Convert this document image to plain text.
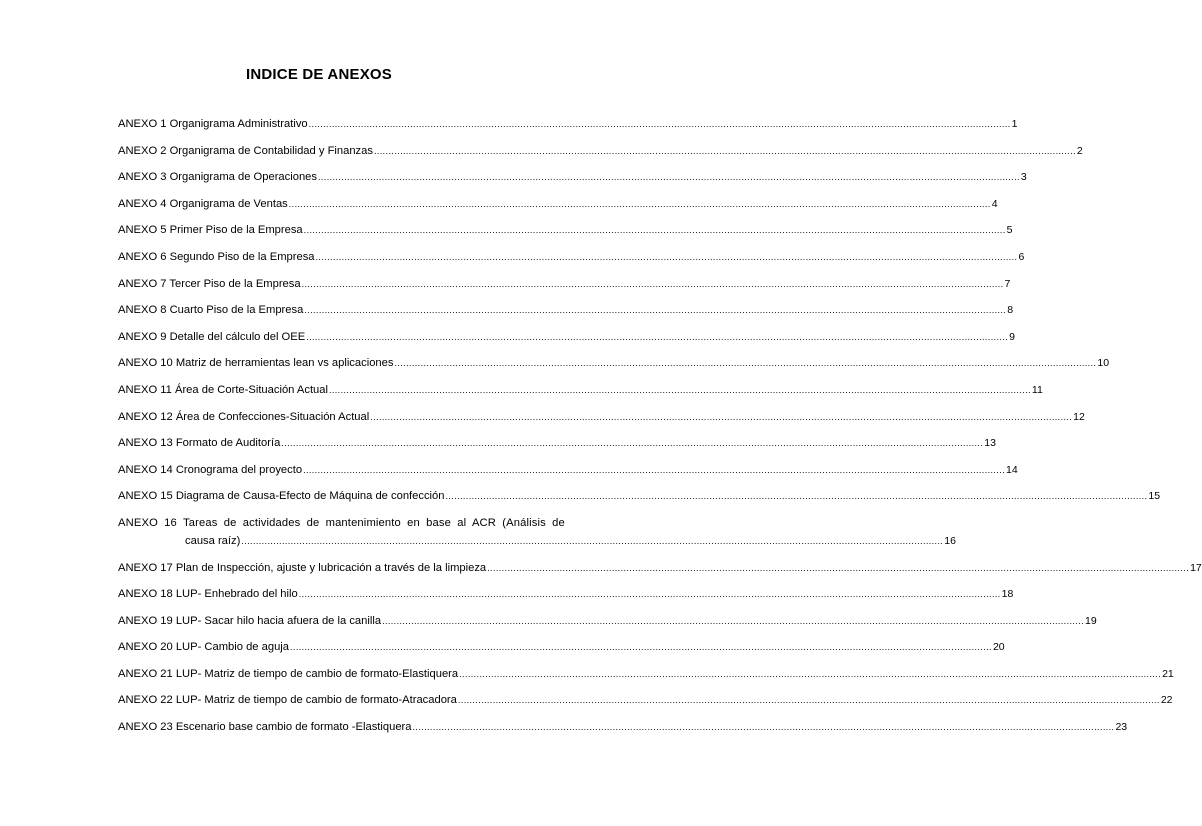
INDICE DE ANEXOS
ANEXO 1 Organigrama Administrativo .....	1
ANEXO 2 Organigrama de Contabilidad y Finanzas .....	2
ANEXO 3 Organigrama de Operaciones .....	3
ANEXO 4 Organigrama de Ventas .....	4
ANEXO 5 Primer Piso de la Empresa .....	5
ANEXO 6 Segundo Piso de la Empresa .....	6
ANEXO 7 Tercer Piso de la Empresa .....	7
ANEXO 8 Cuarto Piso de la Empresa .....	8
ANEXO 9 Detalle del cálculo del OEE .....	9
ANEXO 10 Matriz de herramientas lean vs aplicaciones .....	10
ANEXO 11 Área de Corte-Situación Actual .....	11
ANEXO 12 Área de Confecciones-Situación Actual .....	12
ANEXO 13 Formato de Auditoría .....	13
ANEXO 14 Cronograma del proyecto .....	14
ANEXO 15 Diagrama de Causa-Efecto de Máquina de confección .....	15
ANEXO 16 Tareas de actividades de mantenimiento en base al ACR (Análisis de
causa raíz) .....	16
ANEXO 17 Plan de Inspección, ajuste y lubricación a través de la limpieza .....	17
ANEXO 18 LUP- Enhebrado del hilo .....	18
ANEXO 19 LUP- Sacar hilo hacia afuera de la canilla .....	19
ANEXO 20 LUP- Cambio de aguja .....	20
ANEXO 21 LUP- Matriz de tiempo de cambio de formato-Elastiquera .....	21
ANEXO 22 LUP- Matriz de tiempo de cambio de formato-Atracadora .....	22
ANEXO 23 Escenario base cambio de formato -Elastiquera .....	23
